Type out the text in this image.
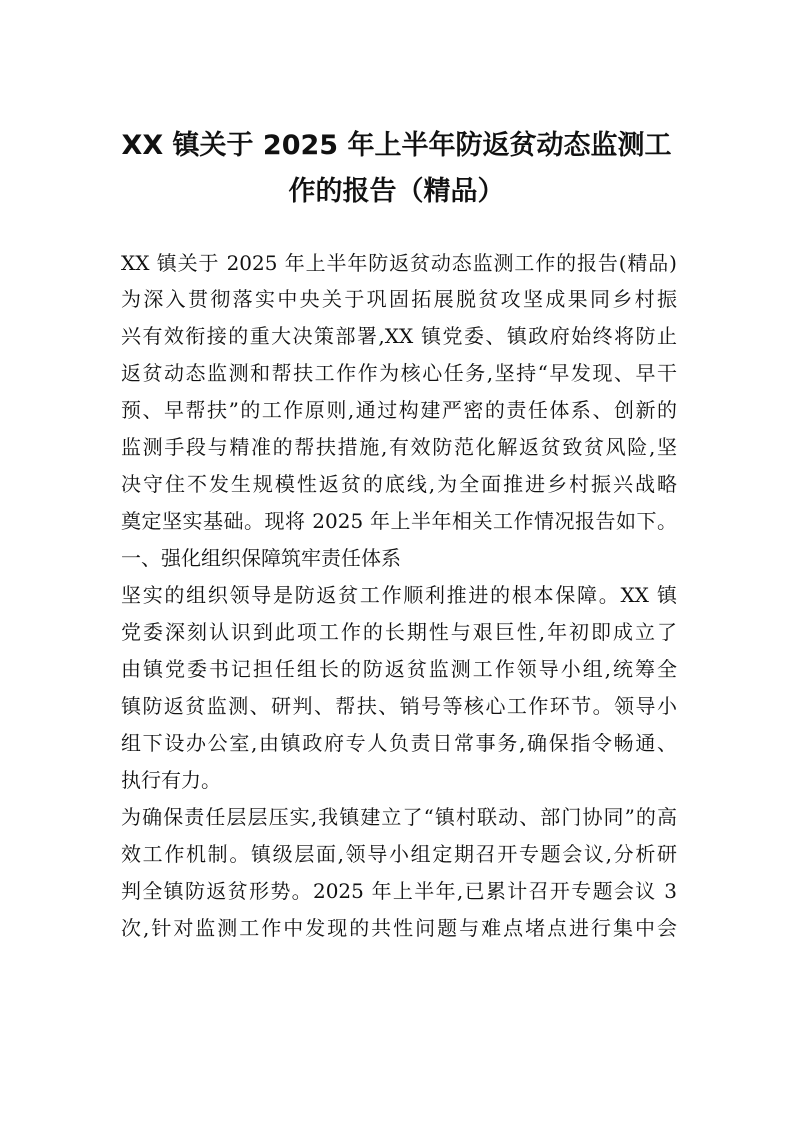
XX 镇关于 2025 年上半年防返贫动态监测工
作的报告（精品）

XX 镇关于 2025 年上半年防返贫动态监测工作的报告(精品)

为深入贯彻落实中央关于巩固拓展脱贫攻坚成果同乡村振

兴有效衔接的重大决策部署,XX 镇党委、镇政府始终将防止

返贫动态监测和帮扶工作作为核心任务,坚持“早发现、早干

预、早帮扶”的工作原则,通过构建严密的责任体系、创新的

监测手段与精准的帮扶措施,有效防范化解返贫致贫风险,坚

决守住不发生规模性返贫的底线,为全面推进乡村振兴战略

奠定坚实基础。现将 2025 年上半年相关工作情况报告如下。

一、强化组织保障筑牢责任体系

坚实的组织领导是防返贫工作顺利推进的根本保障。XX 镇

党委深刻认识到此项工作的长期性与艰巨性,年初即成立了

由镇党委书记担任组长的防返贫监测工作领导小组,统筹全

镇防返贫监测、研判、帮扶、销号等核心工作环节。领导小

组下设办公室,由镇政府专人负责日常事务,确保指令畅通、

执行有力。

为确保责任层层压实,我镇建立了“镇村联动、部门协同”的高

效工作机制。镇级层面,领导小组定期召开专题会议,分析研

判全镇防返贫形势。2025 年上半年,已累计召开专题会议 3

次,针对监测工作中发现的共性问题与难点堵点进行集中会
